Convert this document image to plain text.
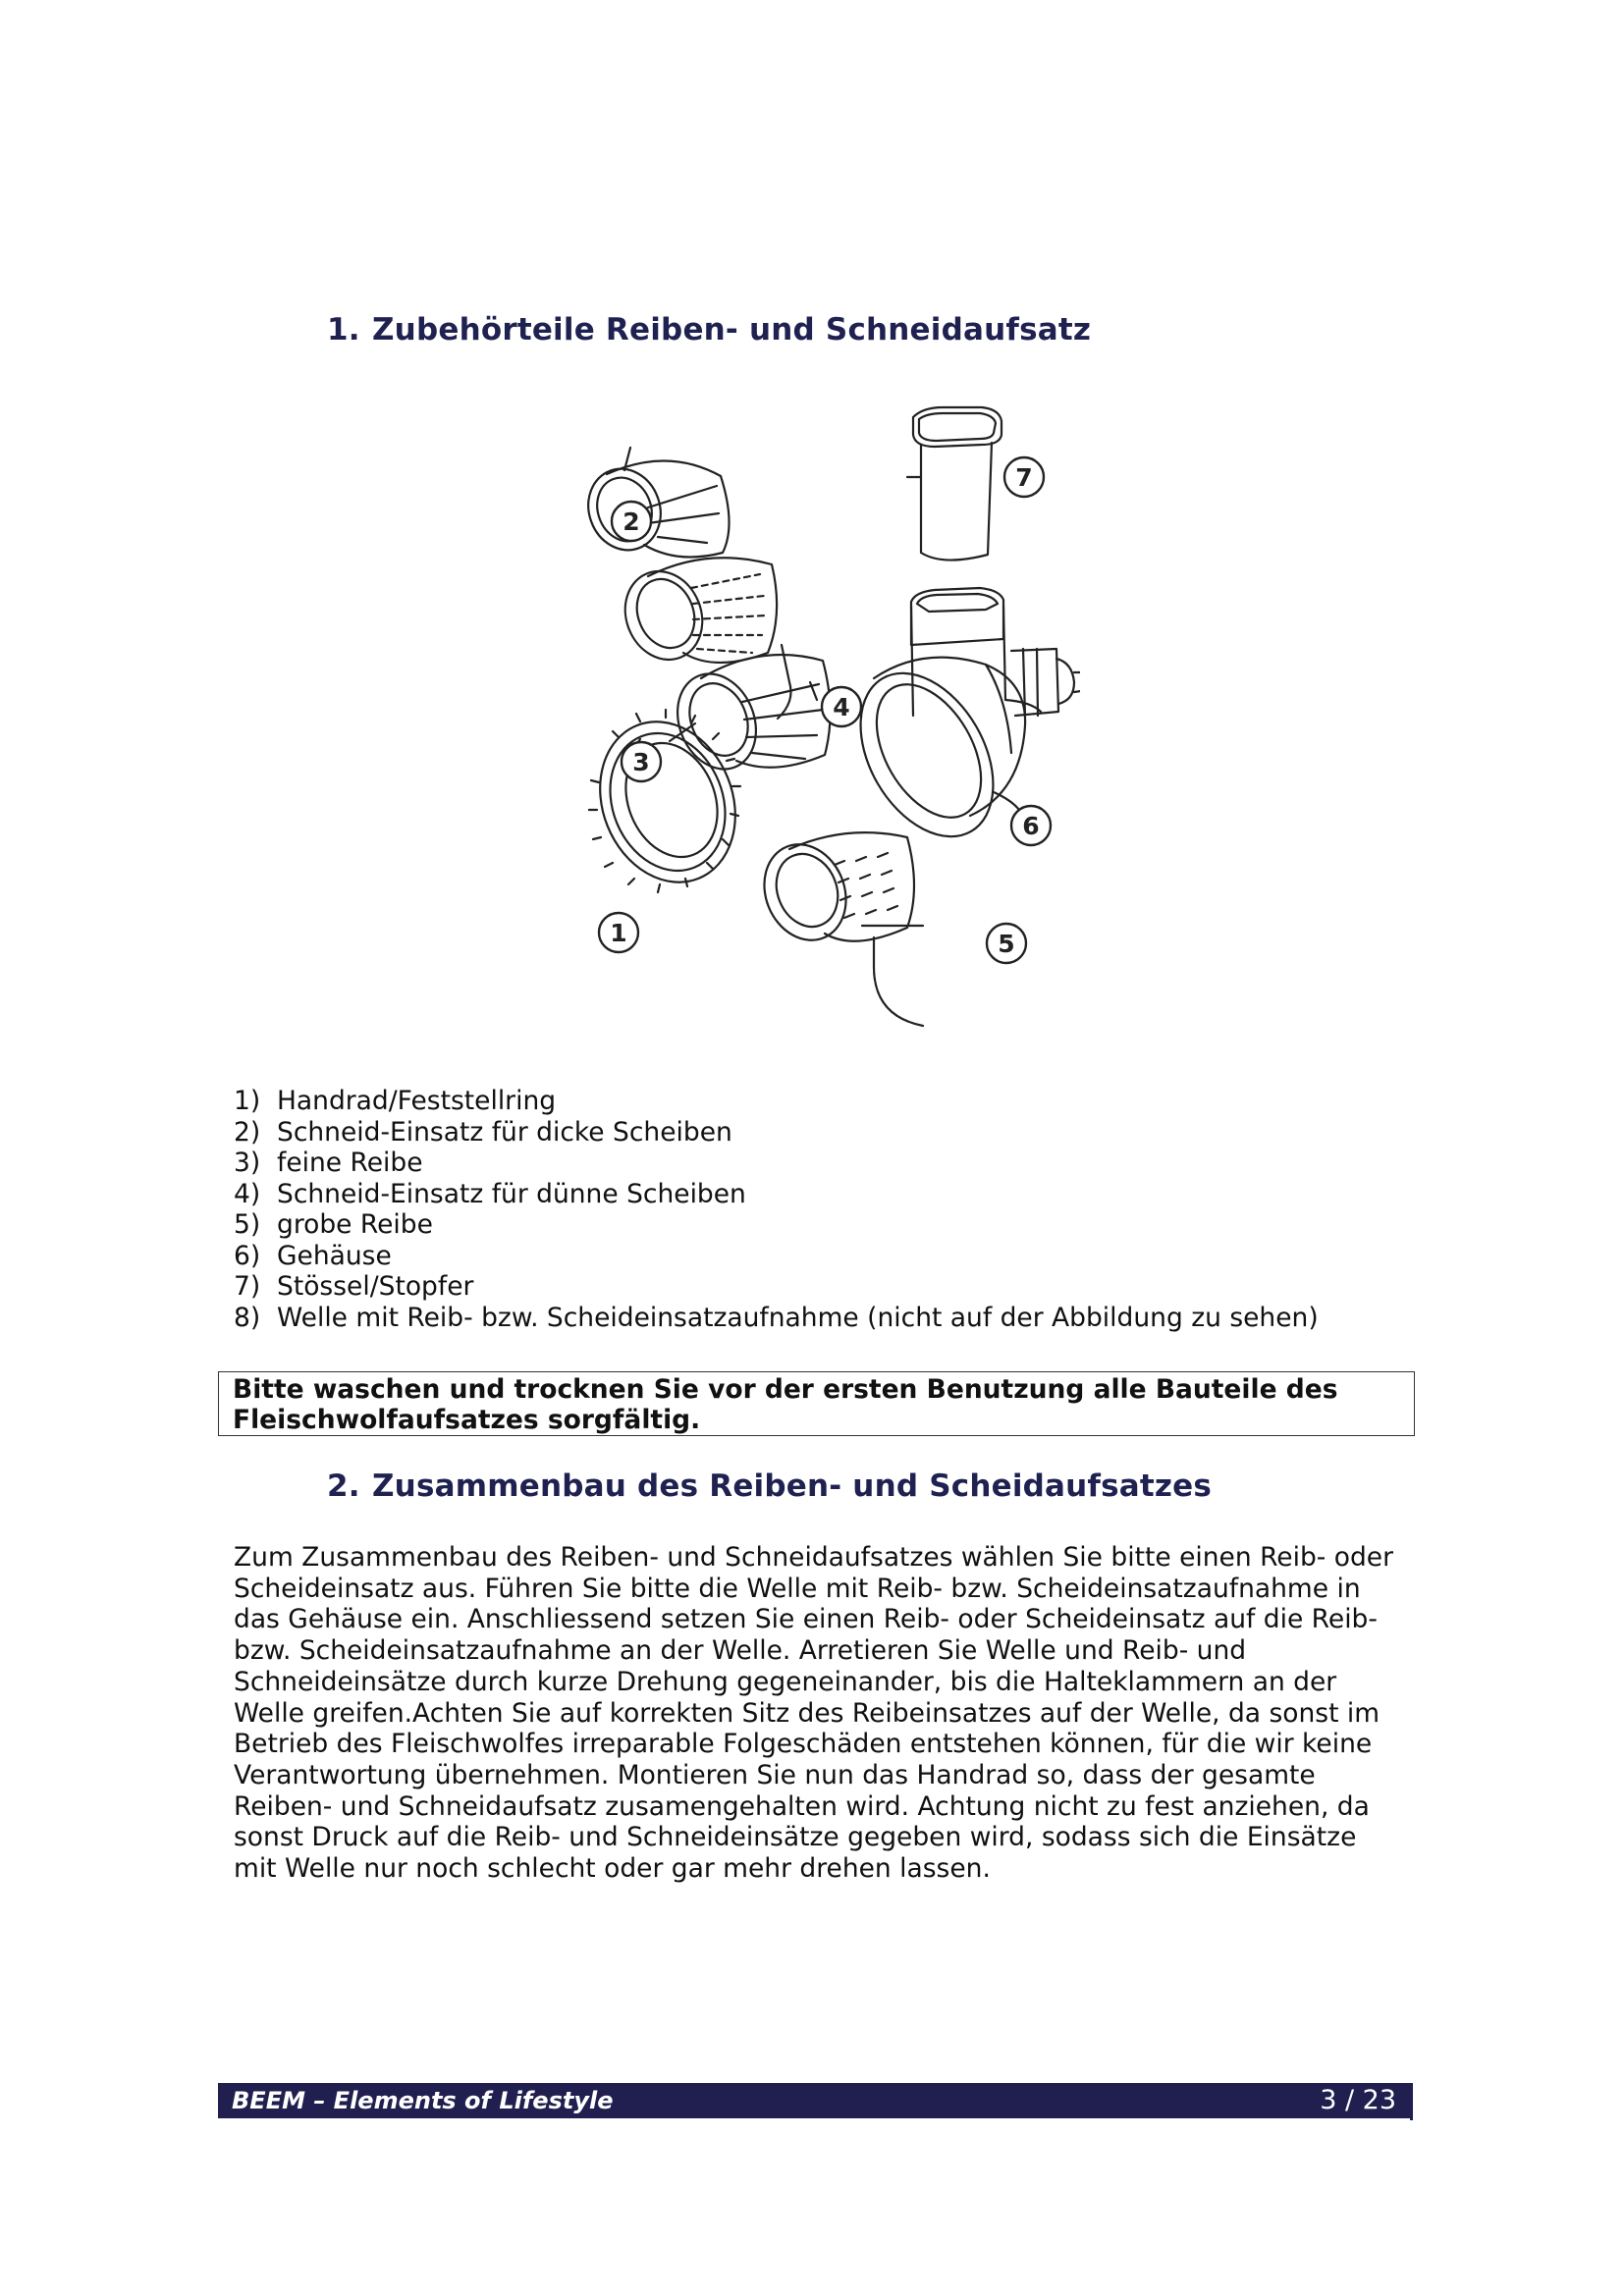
1. Zubehörteile Reiben- und Schneidaufsatz
2
7
3
4
6
1	5
1) Handrad/Feststellring
2) Schneid-Einsatz für dicke Scheiben
3) feine Reibe
4) Schneid-Einsatz für dünne Scheiben
5) grobe Reibe
6) Gehäuse
7) Stössel/Stopfer
8) Welle mit Reib- bzw. Scheideinsatzaufnahme (nicht auf der Abbildung zu sehen)
Bitte waschen und trocknen Sie vor der ersten Benutzung alle Bauteile des
Fleischwolfaufsatzes sorgfältig.
2. Zusammenbau des Reiben- und Scheidaufsatzes

Zum Zusammenbau des Reiben- und Schneidaufsatzes wählen Sie bitte einen Reib- oder
Scheideinsatz aus. Führen Sie bitte die Welle mit Reib- bzw. Scheideinsatzaufnahme in
das Gehäuse ein. Anschliessend setzen Sie einen Reib- oder Scheideinsatz auf die Reib-
bzw. Scheideinsatzaufnahme an der Welle. Arretieren Sie Welle und Reib- und
Schneideinsätze durch kurze Drehung gegeneinander, bis die Halteklammern an der
Welle greifen.Achten Sie auf korrekten Sitz des Reibeinsatzes auf der Welle, da sonst im
Betrieb des Fleischwolfes irreparable Folgeschäden entstehen können, für die wir keine
Verantwortung übernehmen. Montieren Sie nun das Handrad so, dass der gesamte
Reiben- und Schneidaufsatz zusamengehalten wird. Achtung nicht zu fest anziehen, da
sonst Druck auf die Reib- und Schneideinsätze gegeben wird, sodass sich die Einsätze
mit Welle nur noch schlecht oder gar mehr drehen lassen.

BEEM – Elements of Lifestyle	3 / 23
